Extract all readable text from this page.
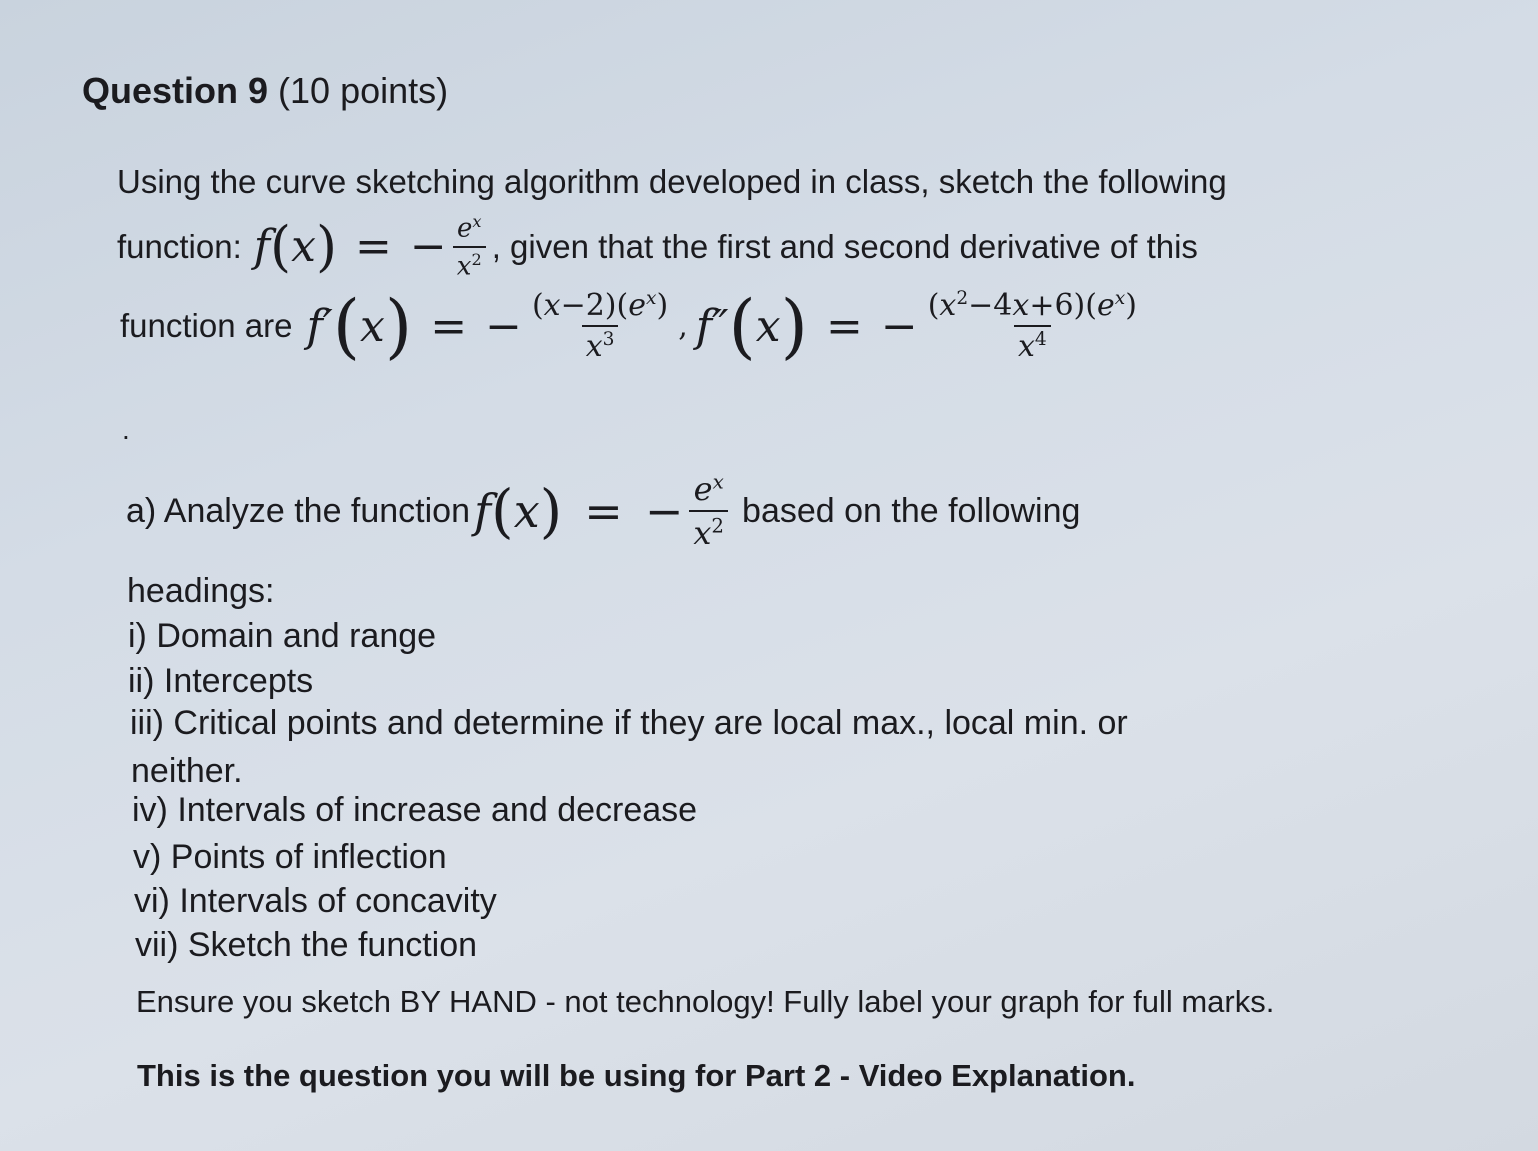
Question 9 (10 points)
Using the curve sketching algorithm developed in class, sketch the following
function: f ( x ) = − $\frac{e^x}{x^2}$ , given that the first and second derivative of this
function are f′ ( x ) = − $\frac{(x-2)(e^x)}{x^3}$ , f″ ( x ) = − $\frac{(x^2-4x+6)(e^x)}{x^4}$
.
a) Analyze the function f ( x ) = − $\frac{e^x}{x^2}$ based on the following
headings:
i) Domain and range
ii) Intercepts
iii) Critical points and determine if they are local max., local min. or
neither.
iv) Intervals of increase and decrease
v) Points of inflection
vi) Intervals of concavity
vii) Sketch the function
Ensure you sketch BY HAND - not technology! Fully label your graph for full marks.
This is the question you will be using for Part 2 - Video Explanation.
